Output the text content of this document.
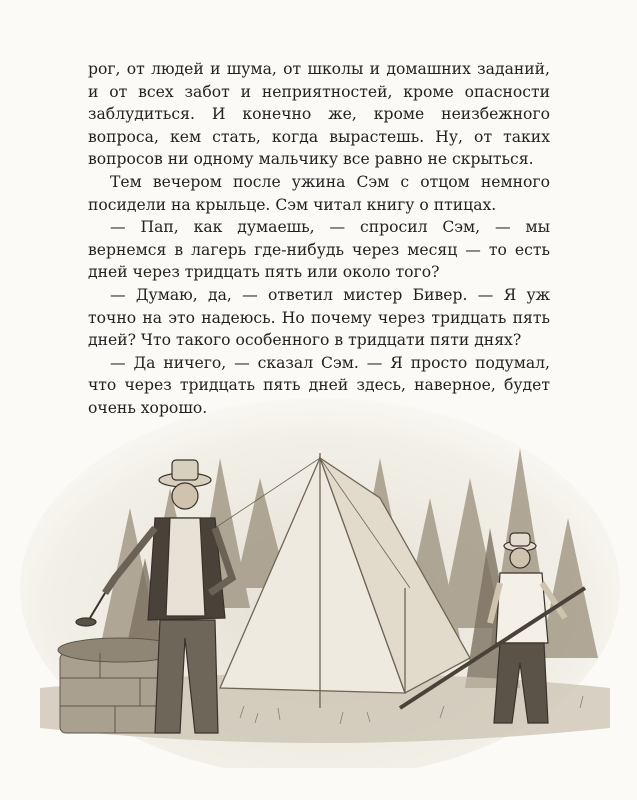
рог, от людей и шума, от школы и домашних заданий, и от всех забот и неприятностей, кроме опасности заблудиться. И конечно же, кроме неизбежного вопроса, кем стать, когда вырастешь. Ну, от таких вопросов ни одному мальчику все равно не скрыться.

Тем вечером после ужина Сэм с отцом немного посидели на крыльце. Сэм читал книгу о птицах.

— Пап, как думаешь, — спросил Сэм, — мы вернемся в лагерь где-нибудь через месяц — то есть дней через тридцать пять или около того?

— Думаю, да, — ответил мистер Бивер. — Я уж точно на это надеюсь. Но почему через тридцать пять дней? Что такого особенного в тридцати пяти днях?

— Да ничего, — сказал Сэм. — Я просто подумал, что через тридцать пять дней здесь, наверное, будет очень хорошо.
